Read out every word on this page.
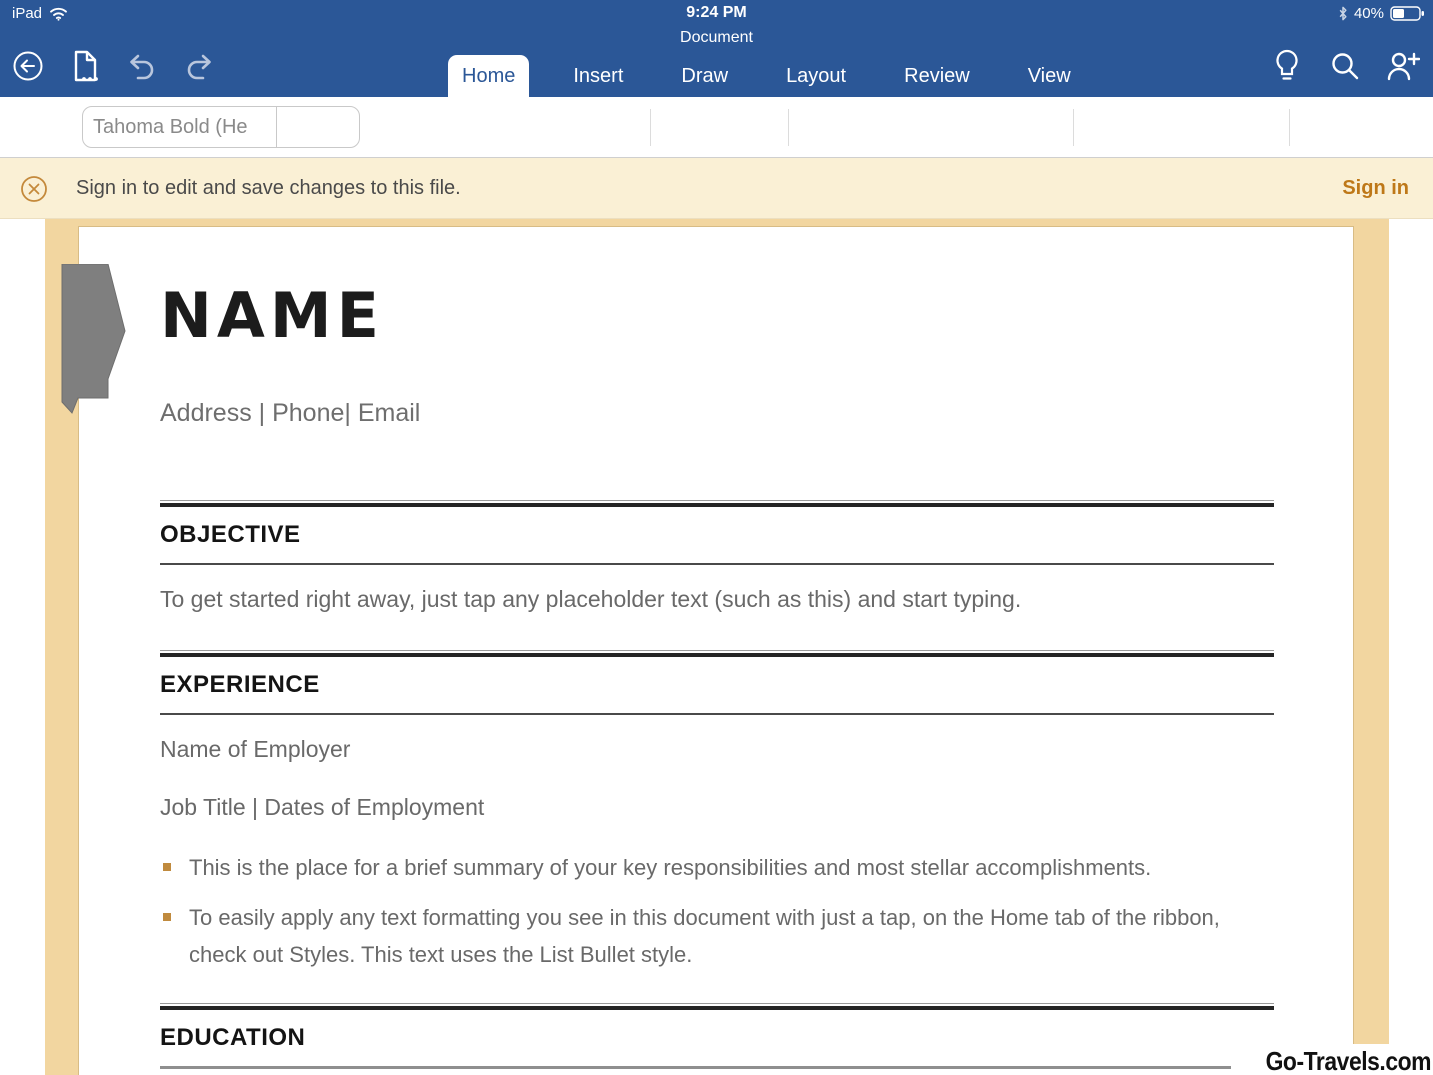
iPad	9:24 PM	40%
Document
Home	Insert	Draw	Layout	Review	View
Tahoma Bold (He
Sign in to edit and save changes to this file.	Sign in
NAME
Address | Phone| Email
OBJECTIVE
To get started right away, just tap any placeholder text (such as this) and start typing.
EXPERIENCE
Name of Employer
Job Title | Dates of Employment
This is the place for a brief summary of your key responsibilities and most stellar accomplishments.
To easily apply any text formatting you see in this document with just a tap, on the Home tab of the ribbon, check out Styles. This text uses the List Bullet style.
EDUCATION
Go-Travels.com
